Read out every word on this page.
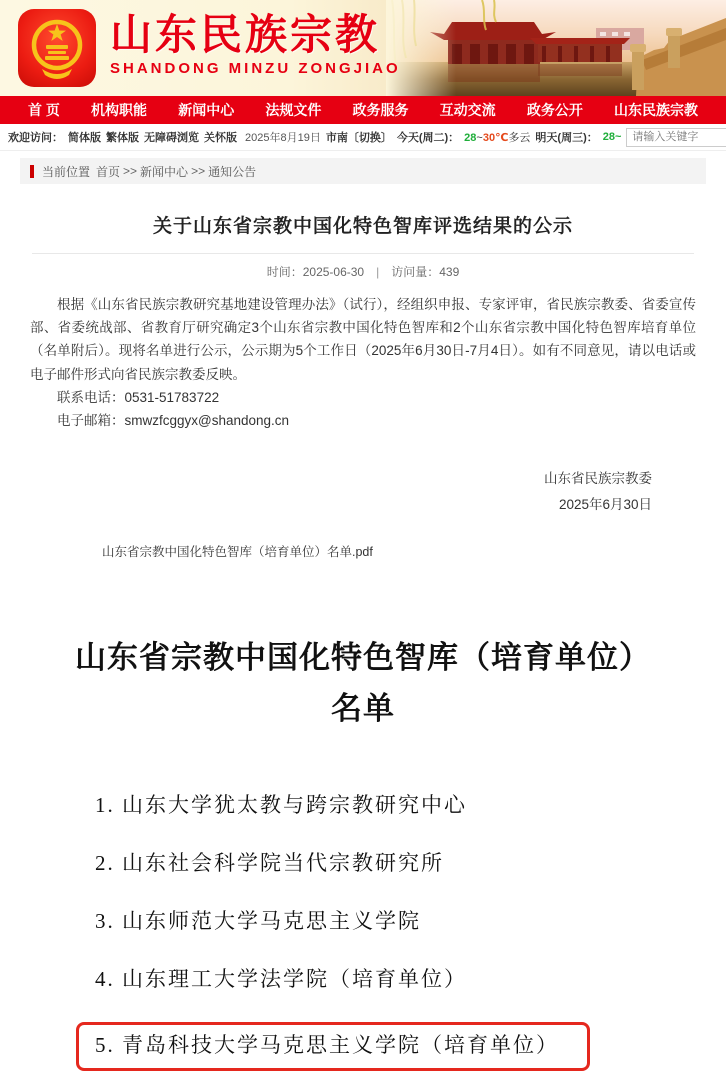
山东民族宗教
SHANDONG MINZU ZONGJIAO
首 页 机构职能 新闻中心 法规文件 政务服务 互动交流 政务公开 山东民族宗教
欢迎访问： 简体版 繁体版 无障碍浏览 关怀版 2025年8月19日 市南〔切换〕 今天(周二)： 28~30℃多云 明天(周三)： 28~
请输入关键字
当前位置 首页 >> 新闻中心 >> 通知公告
关于山东省宗教中国化特色智库评选结果的公示
时间：2025-06-30 | 访问量：439

根据《山东省民族宗教研究基地建设管理办法》（试行），经组织申报、专家评审，省民族宗教委、省委宣传部、省委统战部、省教育厅研究确定3个山东省宗教中国化特色智库和2个山东省宗教中国化特色智库培育单位（名单附后）。现将名单进行公示，公示期为5个工作日（2025年6月30日-7月4日）。如有不同意见，请以电话或电子邮件形式向省民族宗教委反映。

联系电话：0531-51783722

电子邮箱：smwzfcggyx@shandong.cn

山东省民族宗教委
2025年6月30日
山东省宗教中国化特色智库（培育单位）名单.pdf
山东省宗教中国化特色智库（培育单位）
名单
1. 山东大学犹太教与跨宗教研究中心
2. 山东社会科学院当代宗教研究所
3. 山东师范大学马克思主义学院
4. 山东理工大学法学院（培育单位）
5. 青岛科技大学马克思主义学院（培育单位）
